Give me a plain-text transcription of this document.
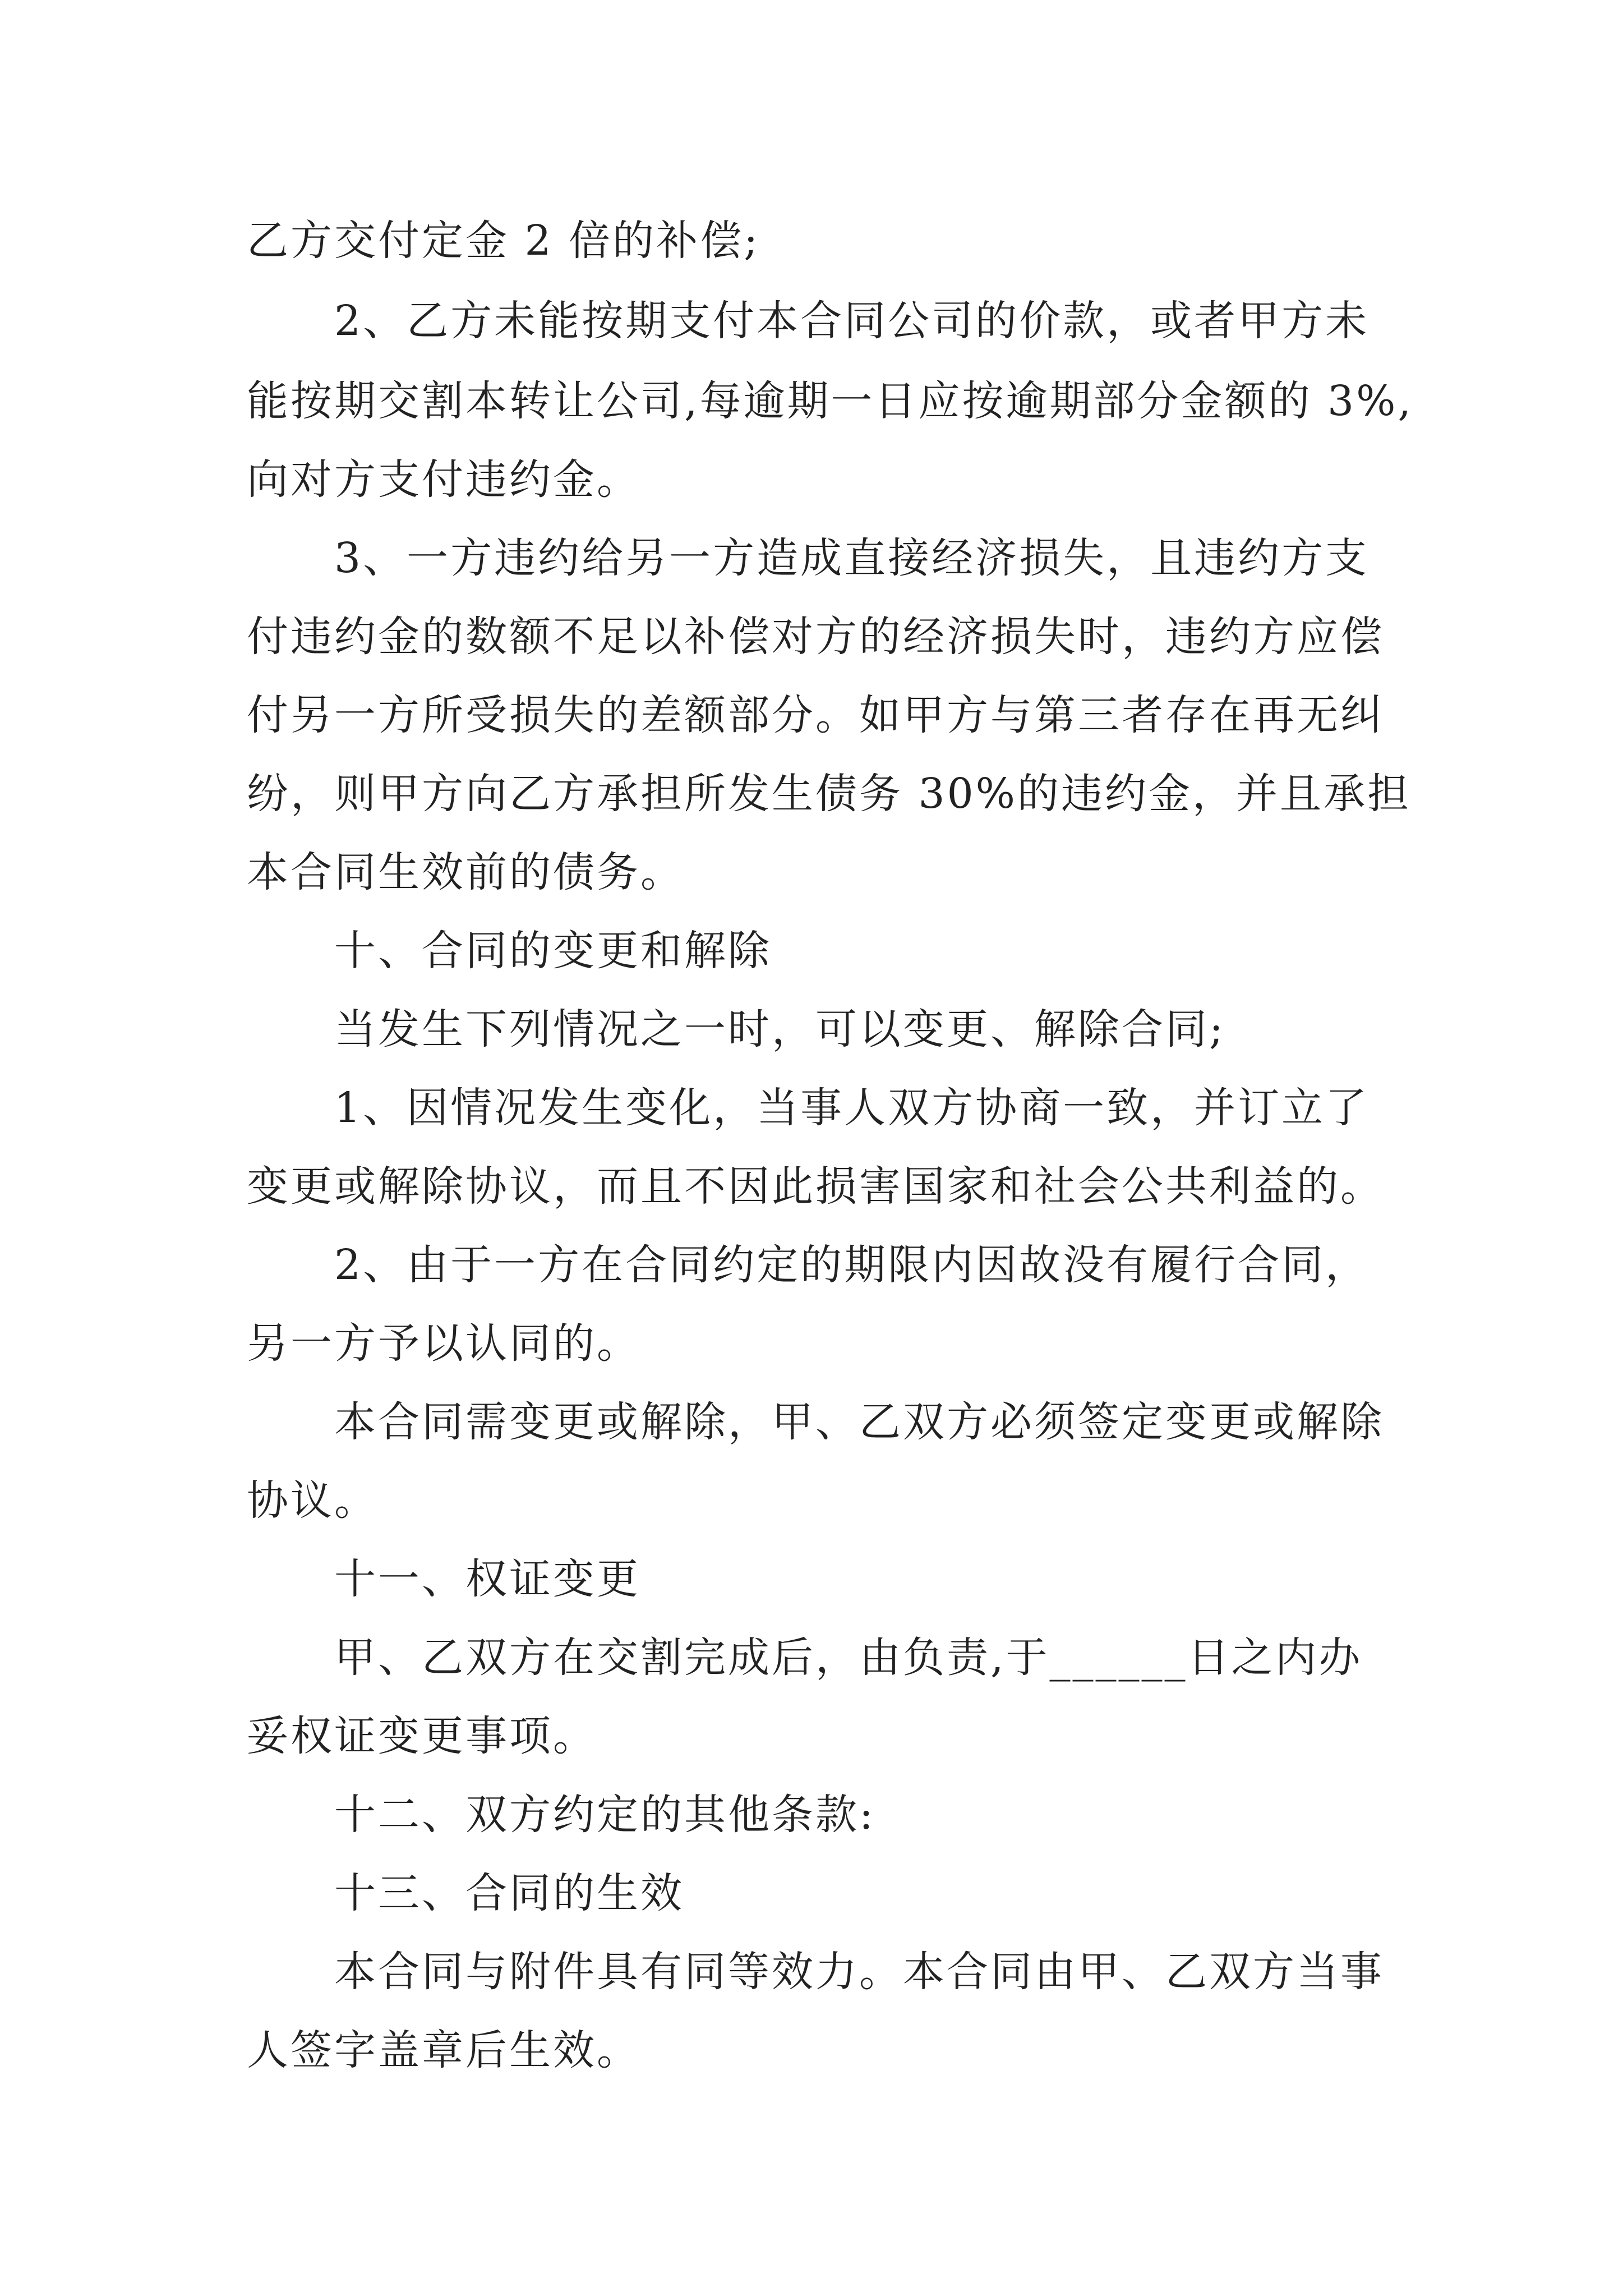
乙方交付定金 2 倍的补偿;
2、乙方未能按期支付本合同公司的价款，或者甲方未
能按期交割本转让公司,每逾期一日应按逾期部分金额的 3%,
向对方支付违约金。
3、一方违约给另一方造成直接经济损失，且违约方支
付违约金的数额不足以补偿对方的经济损失时，违约方应偿
付另一方所受损失的差额部分。如甲方与第三者存在再无纠
纷，则甲方向乙方承担所发生债务 30%的违约金，并且承担
本合同生效前的债务。
十、合同的变更和解除
当发生下列情况之一时，可以变更、解除合同;
1、因情况发生变化，当事人双方协商一致，并订立了
变更或解除协议，而且不因此损害国家和社会公共利益的。
2、由于一方在合同约定的期限内因故没有履行合同，
另一方予以认同的。
本合同需变更或解除，甲、乙双方必须签定变更或解除
协议。
十一、权证变更
甲、乙双方在交割完成后，由负责,于______日之内办
妥权证变更事项。
十二、双方约定的其他条款:
十三、合同的生效
本合同与附件具有同等效力。本合同由甲、乙双方当事
人签字盖章后生效。
